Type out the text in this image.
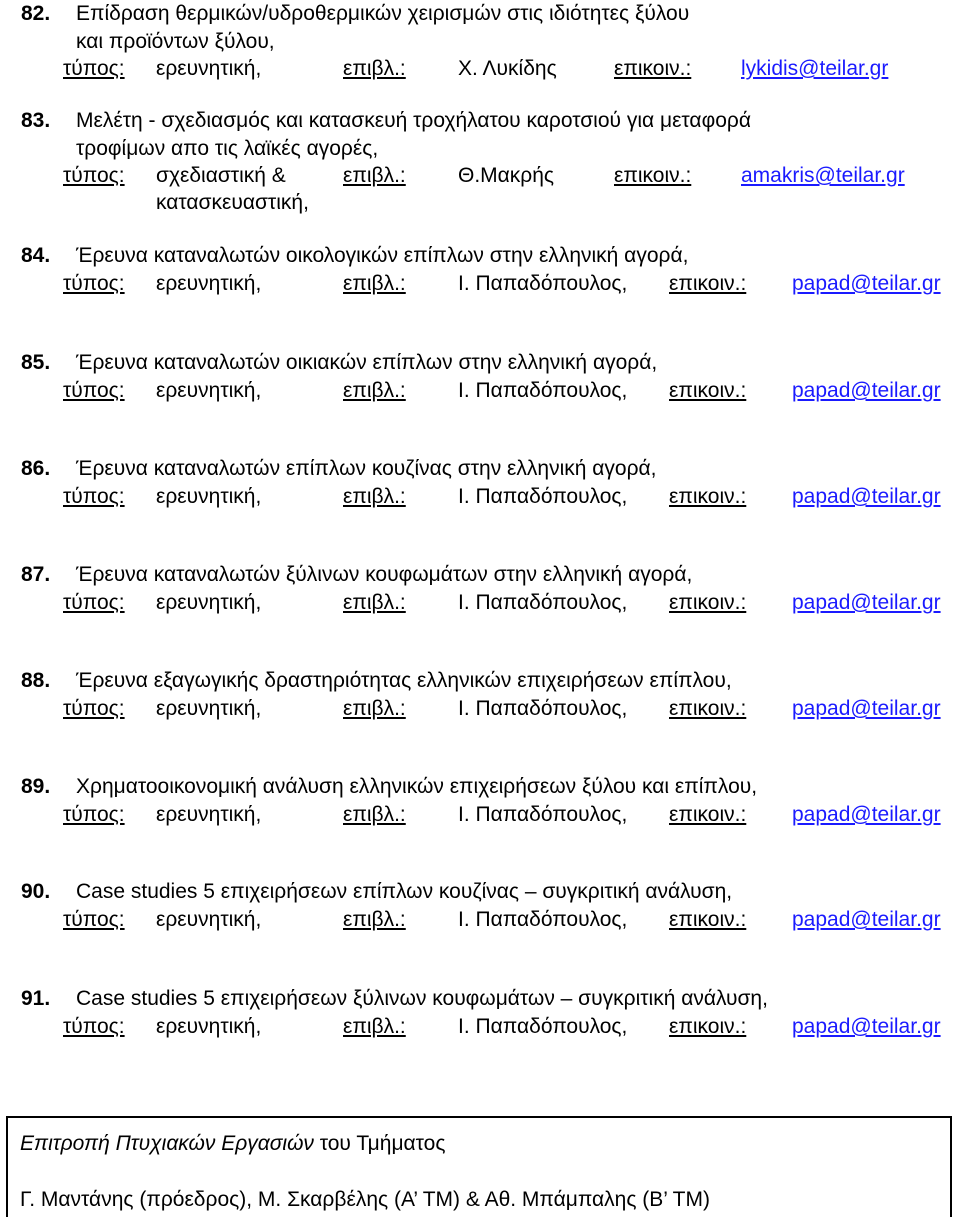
82. Επίδραση θερμικών/υδροθερμικών χειρισμών στις ιδιότητες ξύλου
και προϊόντων ξύλου,
τύπος: ερευνητική,	επιβλ.: Χ. Λυκίδης	επικοιν.: lykidis@teilar.gr
83. Μελέτη - σχεδιασμός και κατασκευή τροχήλατου καροτσιού για μεταφορά
τροφίμων απο τις λαϊκές αγορές,
τύπος: σχεδιαστική &	επιβλ.: Θ.Μακρής	επικοιν.: amakris@teilar.gr
κατασκευαστική,
84. Έρευνα καταναλωτών οικολογικών επίπλων στην ελληνική αγορά,
τύπος: ερευνητική,	επιβλ.: Ι. Παπαδόπουλος, επικοιν.: papad@teilar.gr
85. Έρευνα καταναλωτών οικιακών επίπλων στην ελληνική αγορά,
τύπος: ερευνητική,	επιβλ.: Ι. Παπαδόπουλος, επικοιν.: papad@teilar.gr
86. Έρευνα καταναλωτών επίπλων κουζίνας στην ελληνική αγορά,
τύπος: ερευνητική,	επιβλ.: Ι. Παπαδόπουλος, επικοιν.: papad@teilar.gr
87. Έρευνα καταναλωτών ξύλινων κουφωμάτων στην ελληνική αγορά,
τύπος: ερευνητική,	επιβλ.: Ι. Παπαδόπουλος, επικοιν.: papad@teilar.gr
88. Έρευνα εξαγωγικής δραστηριότητας ελληνικών επιχειρήσεων επίπλου,
τύπος: ερευνητική,	επιβλ.: Ι. Παπαδόπουλος, επικοιν.: papad@teilar.gr
89. Χρηματοοικονομική ανάλυση ελληνικών επιχειρήσεων ξύλου και επίπλου,
τύπος: ερευνητική,	επιβλ.: Ι. Παπαδόπουλος, επικοιν.: papad@teilar.gr
90. Case studies 5 επιχειρήσεων επίπλων κουζίνας – συγκριτική ανάλυση,
τύπος: ερευνητική,	επιβλ.: Ι. Παπαδόπουλος, επικοιν.: papad@teilar.gr
91. Case studies 5 επιχειρήσεων ξύλινων κουφωμάτων – συγκριτική ανάλυση,
τύπος: ερευνητική,	επιβλ.: Ι. Παπαδόπουλος, επικοιν.: papad@teilar.gr
Επιτροπή Πτυχιακών Εργασιών του Τμήματος
Γ. Μαντάνης (πρόεδρος), Μ. Σκαρβέλης (Α’ ΤΜ) & Αθ. Μπάμπαλης (Β’ ΤΜ)
